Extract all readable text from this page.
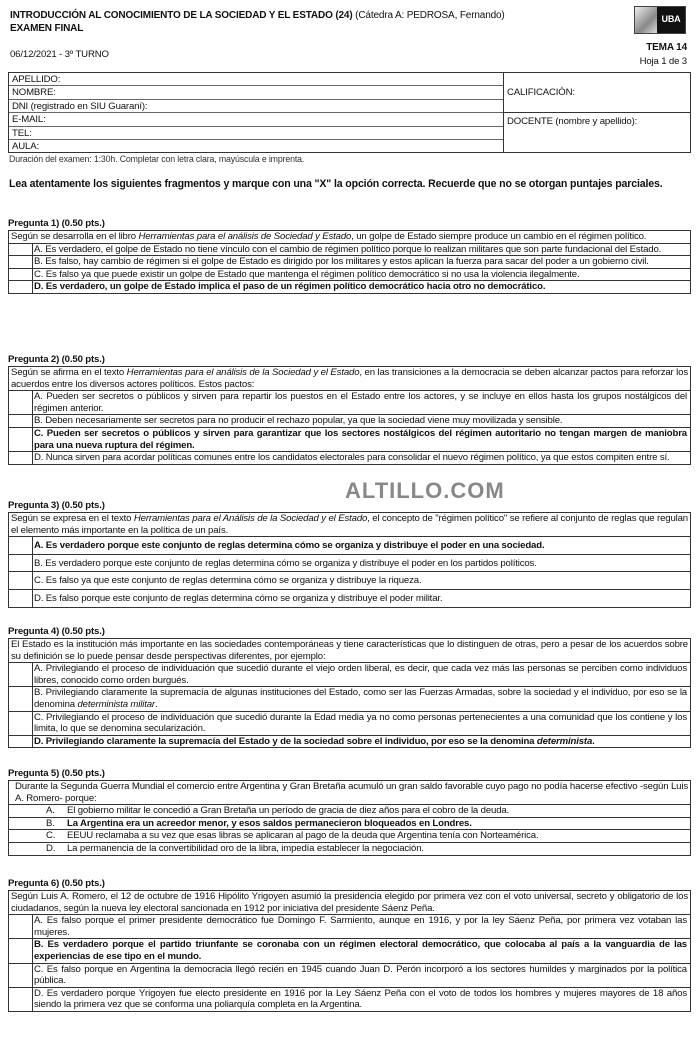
INTRODUCCIÓN AL CONOCIMIENTO DE LA SOCIEDAD Y EL ESTADO (24) (Cátedra A: PEDROSA, Fernando)
EXAMEN FINAL
06/12/2021 - 3º TURNO
UBA
TEMA 14
Hoja 1 de 3
APELLIDO:
NOMBRE:
DNI (registrado en SIU Guaraní):
E-MAIL:
TEL:
AULA:
CALIFICACIÓN:
DOCENTE (nombre y apellido):
Duración del examen: 1:30h. Completar con letra clara, mayúscula e imprenta.
Lea atentamente los siguientes fragmentos y marque con una "X" la opción correcta. Recuerde que no se otorgan puntajes parciales.
Pregunta 1) (0.50 pts.)
Según se desarrolla en el libro Herramientas para el análisis de Sociedad y Estado, un golpe de Estado siempre produce un cambio en el régimen político.
A. Es verdadero, el golpe de Estado no tiene vínculo con el cambio de régimen político porque lo realizan militares que son parte fundacional del Estado.
B. Es falso, hay cambio de régimen si el golpe de Estado es dirigido por los militares y estos aplican la fuerza para sacar del poder a un gobierno civil.
C. Es falso ya que puede existir un golpe de Estado que mantenga el régimen político democrático si no usa la violencia ilegalmente.
D. Es verdadero, un golpe de Estado implica el paso de un régimen político democrático hacia otro no democrático.
Pregunta 2) (0.50 pts.)
Según se afirma en el texto Herramientas para el análisis de la Sociedad y el Estado, en las transiciones a la democracia se deben alcanzar pactos para reforzar los acuerdos entre los diversos actores políticos. Estos pactos:
A. Pueden ser secretos o públicos y sirven para repartir los puestos en el Estado entre los actores, y se incluye en ellos hasta los grupos nostálgicos del régimen anterior.
B. Deben necesariamente ser secretos para no producir el rechazo popular, ya que la sociedad viene muy movilizada y sensible.
C. Pueden ser secretos o públicos y sirven para garantizar que los sectores nostálgicos del régimen autoritario no tengan margen de maniobra para una nueva ruptura del régimen.
D. Nunca sirven para acordar políticas comunes entre los candidatos electorales para consolidar el nuevo régimen político, ya que estos compiten entre sí.
Pregunta 3) (0.50 pts.)
Según se expresa en el texto Herramientas para el Análisis de la Sociedad y el Estado, el concepto de "régimen político" se refiere al conjunto de reglas que regulan el elemento más importante en la política de un país.
A. Es verdadero porque este conjunto de reglas determina cómo se organiza y distribuye el poder en una sociedad.
B. Es verdadero porque este conjunto de reglas determina cómo se organiza y distribuye el poder en los partidos políticos.
C. Es falso ya que este conjunto de reglas determina cómo se organiza y distribuye la riqueza.
D. Es falso porque este conjunto de reglas determina cómo se organiza y distribuye el poder militar.
Pregunta 4) (0.50 pts.)
El Estado es la institución más importante en las sociedades contemporáneas y tiene características que lo distinguen de otras, pero a pesar de los acuerdos sobre su definición se lo puede pensar desde perspectivas diferentes, por ejemplo:
A. Privilegiando el proceso de individuación que sucedió durante el viejo orden liberal, es decir, que cada vez más las personas se perciben como individuos libres, conocido como orden burgués.
B. Privilegiando claramente la supremacía de algunas instituciones del Estado, como ser las Fuerzas Armadas, sobre la sociedad y el individuo, por eso se la denomina determinista militar.
C. Privilegiando el proceso de individuación que sucedió durante la Edad media ya no como personas pertenecientes a una comunidad que los contiene y los limita, lo que se denomina secularización.
D. Privilegiando claramente la supremacía del Estado y de la sociedad sobre el individuo, por eso se la denomina determinista.
Pregunta 5) (0.50 pts.)
Durante la Segunda Guerra Mundial el comercio entre Argentina y Gran Bretaña acumuló un gran saldo favorable cuyo pago no podía hacerse efectivo -según Luis A. Romero- porque:
A.	El gobierno militar le concedió a Gran Bretaña un período de gracia de diez años para el cobro de la deuda.
B.	La Argentina era un acreedor menor, y esos saldos permanecieron bloqueados en Londres.
C.	EEUU reclamaba a su vez que esas libras se aplicaran al pago de la deuda que Argentina tenía con Norteamérica.
D.	La permanencia de la convertibilidad oro de la libra, impedía establecer la negociación.
Pregunta 6) (0.50 pts.)
Según Luis A. Romero, el 12 de octubre de 1916 Hipólito Yrigoyen asumió la presidencia elegido por primera vez con el voto universal, secreto y obligatorio de los ciudadanos, según la nueva ley electoral sancionada en 1912 por iniciativa del presidente Sáenz Peña.
A. Es falso porque el primer presidente democrático fue Domingo F. Sarmiento, aunque en 1916, y por la ley Sáenz Peña, por primera vez votaban las mujeres.
B. Es verdadero porque el partido triunfante se coronaba con un régimen electoral democrático, que colocaba al país a la vanguardia de las experiencias de ese tipo en el mundo.
C. Es falso porque en Argentina la democracia llegó recién en 1945 cuando Juan D. Perón incorporó a los sectores humildes y marginados por la política pública.
D. Es verdadero porque Yrigoyen fue electo presidente en 1916 por la Ley Sáenz Peña con el voto de todos los hombres y mujeres mayores de 18 años siendo la primera vez que se conforma una poliarquía completa en la Argentina.
ALTILLO.COM
